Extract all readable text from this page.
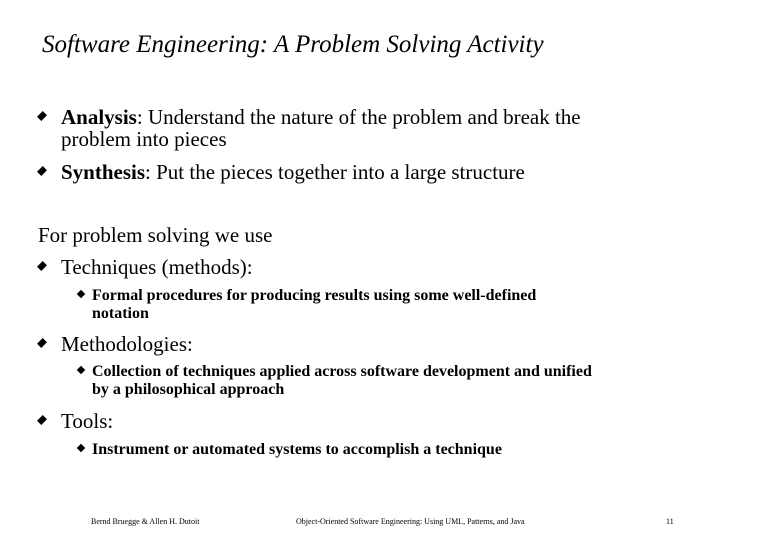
Software Engineering: A Problem Solving Activity
Analysis: Understand the nature of the problem and break the
problem into pieces
Synthesis: Put the pieces together into a large structure
For problem solving we use
Techniques (methods):
Formal procedures for producing results using some well-defined
notation
Methodologies:
Collection of techniques applied across software development and unified
by a philosophical approach
Tools:
Instrument or automated systems to accomplish a technique
Bernd Bruegge & Allen H. Dutoit	Object-Oriented Software Engineering: Using UML, Patterns, and Java	11
